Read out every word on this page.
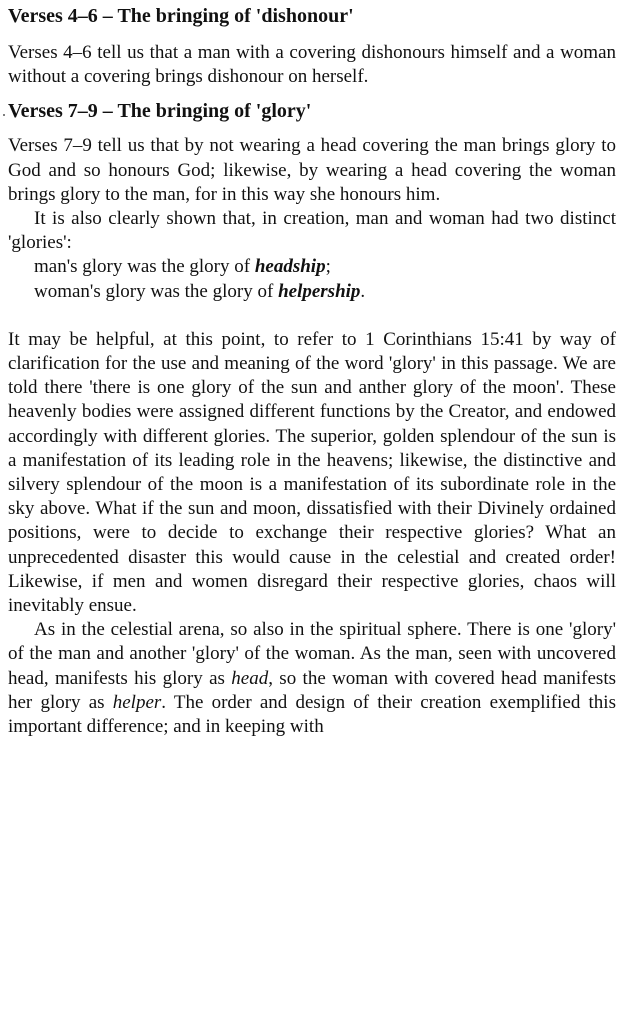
Verses 4–6 – The bringing of 'dishonour'

Verses 4–6 tell us that a man with a covering dishonours himself and a woman without a covering brings dishonour on herself.

Verses 7–9 – The bringing of 'glory'

Verses 7–9 tell us that by not wearing a head covering the man brings glory to God and so honours God; likewise, by wearing a head covering the woman brings glory to the man, for in this way she honours him.

It is also clearly shown that, in creation, man and woman had two distinct 'glories':

man's glory was the glory of headship;
woman's glory was the glory of helpership.

It may be helpful, at this point, to refer to 1 Corinthians 15:41 by way of clarification for the use and meaning of the word 'glory' in this passage. We are told there 'there is one glory of the sun and anther glory of the moon'. These heavenly bodies were assigned different functions by the Creator, and endowed accordingly with different glories. The superior, golden splendour of the sun is a manifestation of its leading role in the heavens; likewise, the distinctive and silvery splendour of the moon is a manifestation of its subordinate role in the sky above. What if the sun and moon, dissatisfied with their Divinely ordained positions, were to decide to exchange their respective glories? What an unprecedented disaster this would cause in the celestial and created order! Likewise, if men and women disregard their respective glories, chaos will inevitably ensue.

As in the celestial arena, so also in the spiritual sphere. There is one 'glory' of the man and another 'glory' of the woman. As the man, seen with uncovered head, manifests his glory as head, so the woman with covered head manifests her glory as helper. The order and design of their creation exemplified this important difference; and in keeping with
